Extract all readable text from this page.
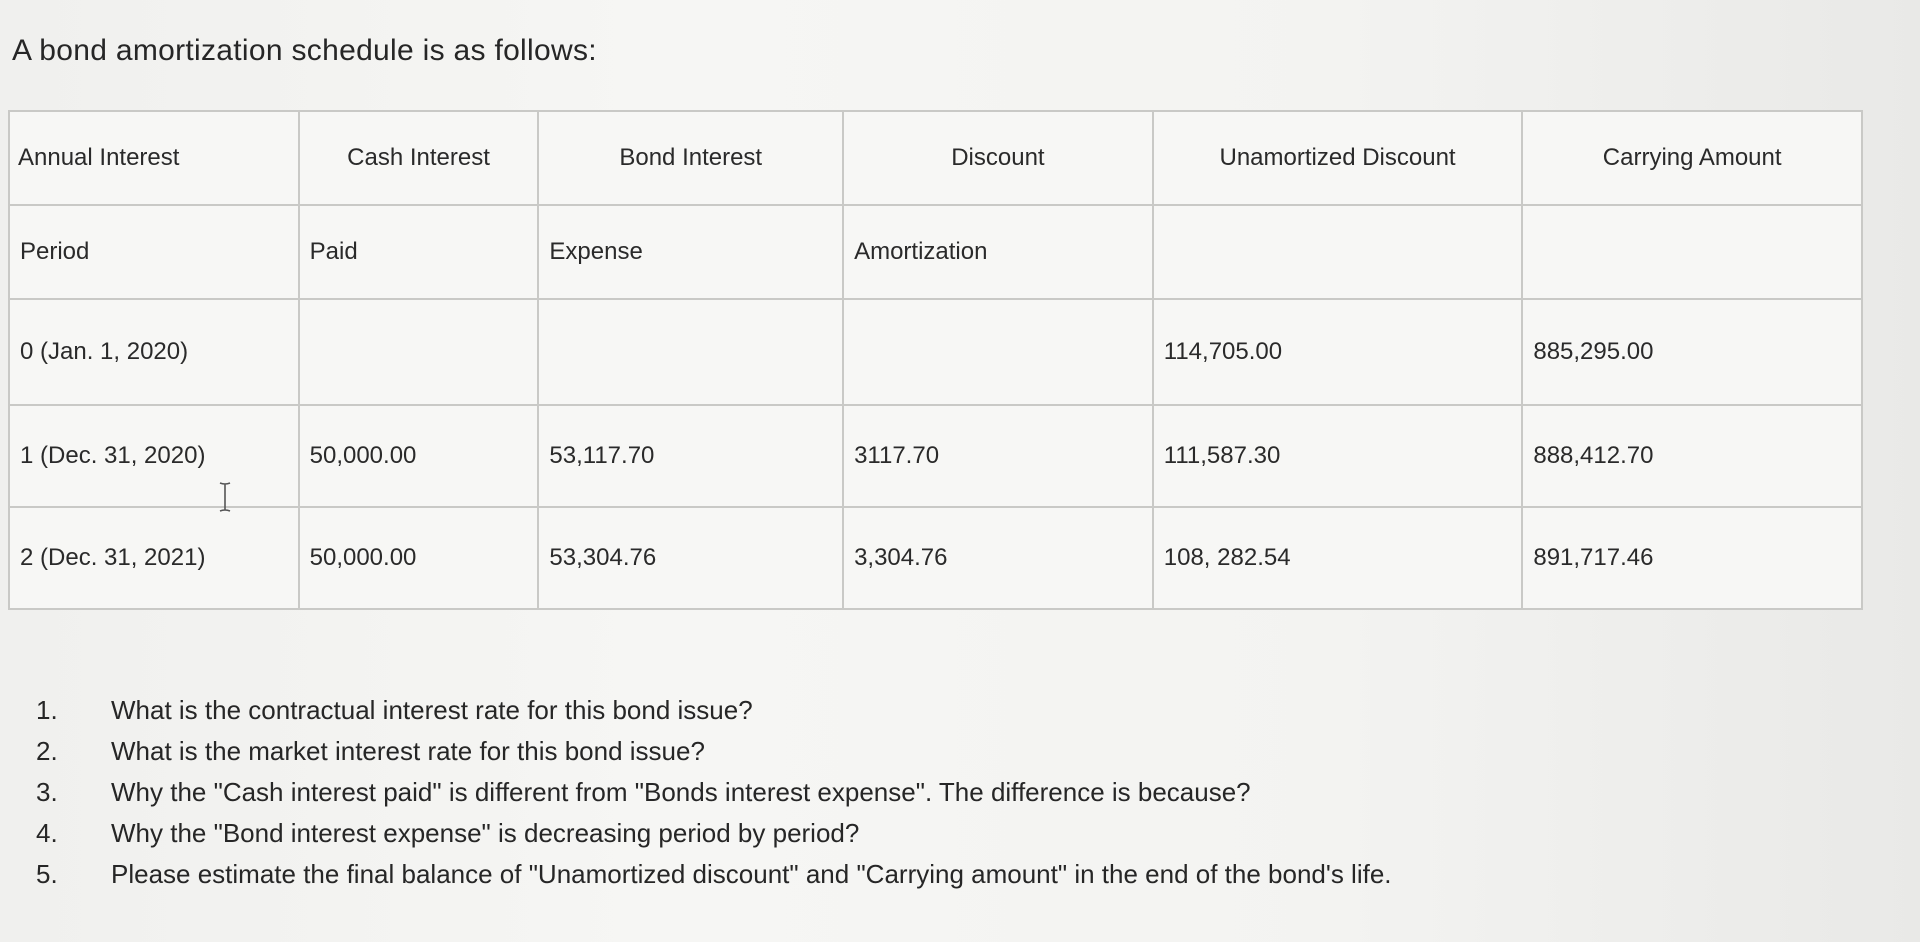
A bond amortization schedule is as follows:
Annual Interest	Cash Interest	Bond Interest	Discount	Unamortized Discount	Carrying Amount
Period	Paid	Expense	Amortization		
0 (Jan. 1, 2020)				114,705.00	885,295.00
1 (Dec. 31, 2020)	50,000.00	53,117.70	3117.70	111,587.30	888,412.70
2 (Dec. 31, 2021)	50,000.00	53,304.76	3,304.76	108, 282.54	891,717.46
1.	What is the contractual interest rate for this bond issue?
2.	What is the market interest rate for this bond issue?
3.	Why the "Cash interest paid" is different from "Bonds interest expense". The difference is because?
4.	Why the "Bond interest expense" is decreasing period by period?
5.	Please estimate the final balance of "Unamortized discount" and "Carrying amount" in the end of the bond's life.
